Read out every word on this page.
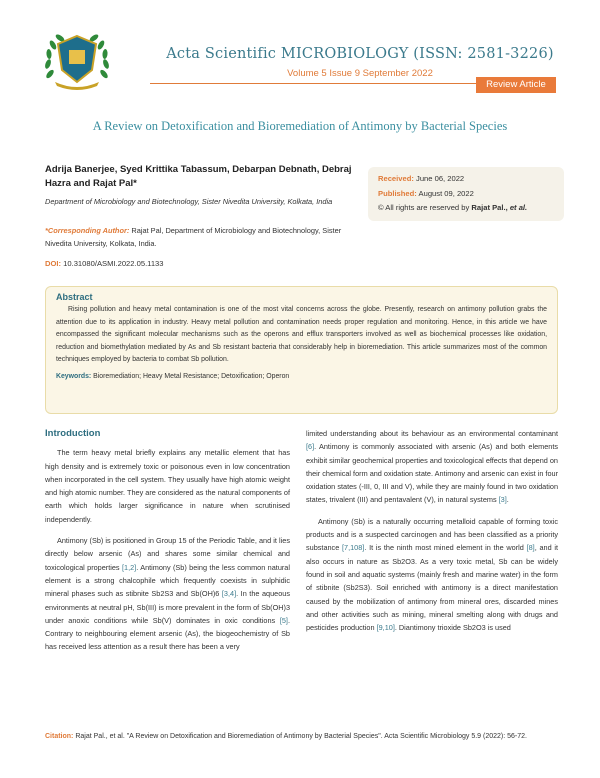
Acta Scientific MICROBIOLOGY (ISSN: 2581-3226)
Volume 5 Issue 9 September 2022
Review Article
A Review on Detoxification and Bioremediation of Antimony by Bacterial Species
Adrija Banerjee, Syed Krittika Tabassum, Debarpan Debnath, Debraj Hazra and Rajat Pal*
Department of Microbiology and Biotechnology, Sister Nivedita University, Kolkata, India
*Corresponding Author: Rajat Pal, Department of Microbiology and Biotechnology, Sister Nivedita University, Kolkata, India.
DOI: 10.31080/ASMI.2022.05.1133
Received: June 06, 2022
Published: August 09, 2022
© All rights are reserved by Rajat Pal., et al.
Abstract

Rising pollution and heavy metal contamination is one of the most vital concerns across the globe. Presently, research on antimony pollution grabs the attention due to its application in industry. Heavy metal pollution and contamination needs proper regulation and monitoring. Hence, in this article we have encompassed the significant molecular mechanisms such as the operons and efflux transporters involved as well as biochemical processes like oxidation, reduction and biomethylation mediated by As and Sb resistant bacteria that considerably help in bioremediation. This article summarizes most of the common techniques employed by bacteria to combat Sb pollution.

Keywords: Bioremediation; Heavy Metal Resistance; Detoxification; Operon
Introduction

The term heavy metal briefly explains any metallic element that has high density and is extremely toxic or poisonous even in low concentration when incorporated in the cell system. They usually have high atomic weight and high atomic number. They are considered as the natural components of earth which holds larger significance in nature when scrutinised independently.

Antimony (Sb) is positioned in Group 15 of the Periodic Table, and it lies directly below arsenic (As) and shares some similar chemical and toxicological properties [1,2]. Antimony (Sb) being the less common natural element is a strong chalcophile which frequently coexists in sulphidic mineral phases such as stibnite Sb2S3 and Sb(OH)6 [3,4]. In the aqueous environments at neutral pH, Sb(III) is more prevalent in the form of Sb(OH)3 under anoxic conditions while Sb(V) dominates in oxic conditions [5]. Contrary to neighbouring element arsenic (As), the biogeochemistry of Sb has received less attention as a result there has been a very

limited understanding about its behaviour as an environmental contaminant [6]. Antimony is commonly associated with arsenic (As) and both elements exhibit similar geochemical properties and toxicological effects that depend on their chemical form and oxidation state. Antimony and arsenic can exist in four oxidation states (-III, 0, III and V), while they are mainly found in two oxidation states, trivalent (III) and pentavalent (V), in natural systems [3].

Antimony (Sb) is a naturally occurring metalloid capable of forming toxic products and is a suspected carcinogen and has been classified as a priority substance [7,108]. It is the ninth most mined element in the world [8], and it also occurs in nature as Sb2O3. As a very toxic metal, Sb can be widely found in soil and aquatic systems (mainly fresh and marine water) in the form of stibnite (Sb2S3). Soil enriched with antimony is a direct manifestation caused by the mobilization of antimony from mineral ores, discarded mines and other activities such as mining, mineral smelting along with drugs and pesticides production [9,10]. Diantimony trioxide Sb2O3 is used

Citation: Rajat Pal., et al. "A Review on Detoxification and Bioremediation of Antimony by Bacterial Species". Acta Scientific Microbiology 5.9 (2022): 56-72.
